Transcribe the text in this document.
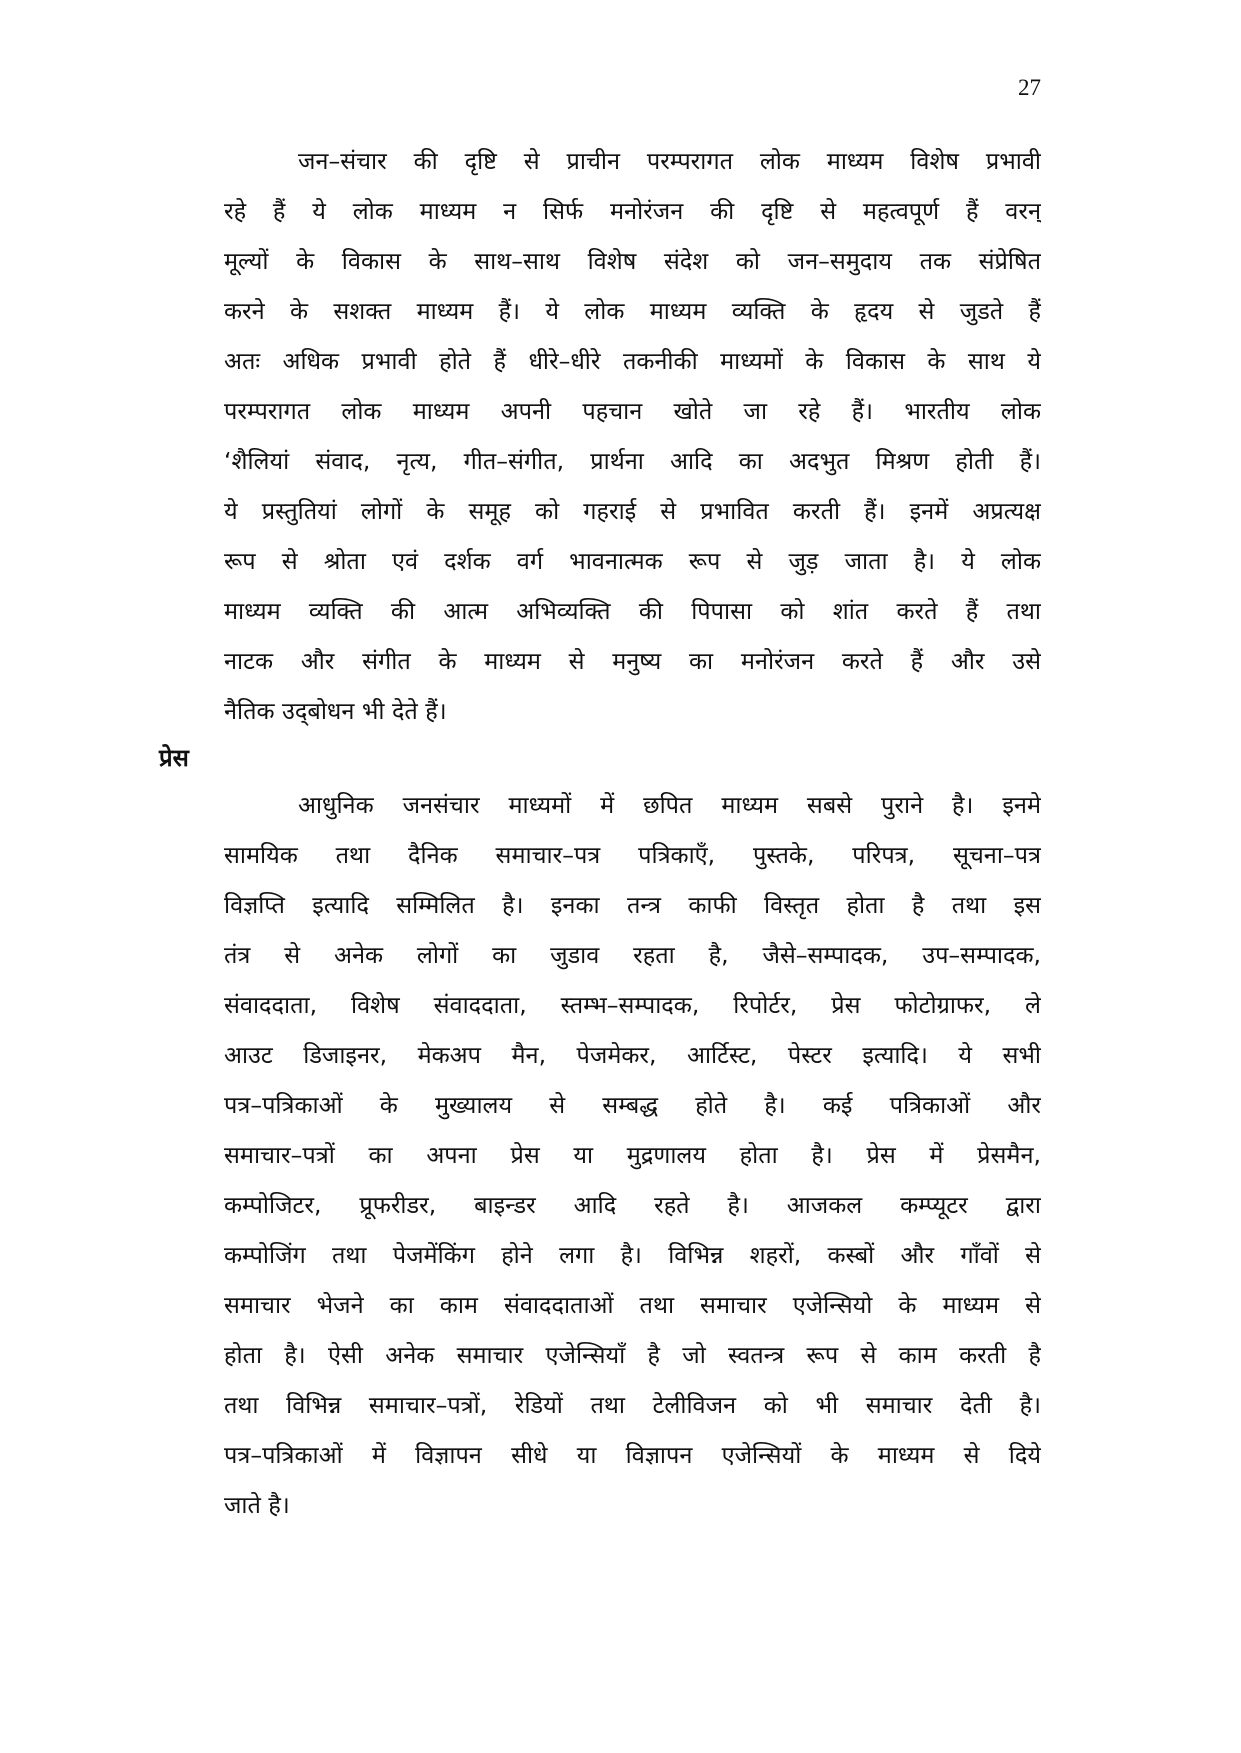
27
जन–संचार की दृष्टि से प्राचीन परम्परागत लोक माध्यम विशेष प्रभावी
रहे हैं ये लोक माध्यम न सिर्फ मनोरंजन की दृष्टि से महत्वपूर्ण हैं वरन्
मूल्यों के विकास के साथ–साथ विशेष संदेश को जन–समुदाय तक संप्रेषित
करने के सशक्त माध्यम हैं। ये लोक माध्यम व्यक्ति के हृदय से जुडते हैं
अतः अधिक प्रभावी होते हैं धीरे–धीरे तकनीकी माध्यमों के विकास के साथ ये
परम्परागत लोक माध्यम अपनी पहचान खोते जा रहे हैं। भारतीय लोक
‘शैलियां संवाद, नृत्य, गीत–संगीत, प्रार्थना आदि का अदभुत मिश्रण होती हैं।
ये प्रस्तुतियां लोगों के समूह को गहराई से प्रभावित करती हैं। इनमें अप्रत्यक्ष
रूप से श्रोता एवं दर्शक वर्ग भावनात्मक रूप से जुड़ जाता है। ये लोक
माध्यम व्यक्ति की आत्म अभिव्यक्ति की पिपासा को शांत करते हैं तथा
नाटक और संगीत के माध्यम से मनुष्य का मनोरंजन करते हैं और उसे
नैतिक उद्‌बोधन भी देते हैं।
प्रेस
आधुनिक जनसंचार माध्यमों में छपित माध्यम सबसे पुराने है। इनमे
सामयिक तथा दैनिक समाचार–पत्र पत्रिकाएँ, पुस्तके, परिपत्र, सूचना–पत्र
विज्ञप्ति इत्यादि सम्मिलित है। इनका तन्त्र काफी विस्तृत होता है तथा इस
तंत्र से अनेक लोगों का जुडाव रहता है, जैसे–सम्पादक, उप–सम्पादक,
संवाददाता, विशेष संवाददाता, स्तम्भ–सम्पादक, रिपोर्टर, प्रेस फोटोग्राफर, ले
आउट डिजाइनर, मेकअप मैन, पेजमेकर, आर्टिस्ट, पेस्टर इत्यादि। ये सभी
पत्र–पत्रिकाओं के मुख्यालय से सम्बद्ध होते है। कई पत्रिकाओं और
समाचार–पत्रों का अपना प्रेस या मुद्रणालय होता है। प्रेस में प्रेसमैन,
कम्पोजिटर, प्रूफरीडर, बाइन्डर आदि रहते है। आजकल कम्प्यूटर द्वारा
कम्पोजिंग तथा पेजमेंकिंग होने लगा है। विभिन्न शहरों, कस्बों और गाँवों से
समाचार भेजने का काम संवाददाताओं तथा समाचार एजेन्सियो के माध्यम से
होता है। ऐसी अनेक समाचार एजेन्सियाँ है जो स्वतन्त्र रूप से काम करती है
तथा विभिन्न समाचार–पत्रों, रेडियों तथा टेलीविजन को भी समाचार देती है।
पत्र–पत्रिकाओं में विज्ञापन सीधे या विज्ञापन एजेन्सियों के माध्यम से दिये
जाते है।
